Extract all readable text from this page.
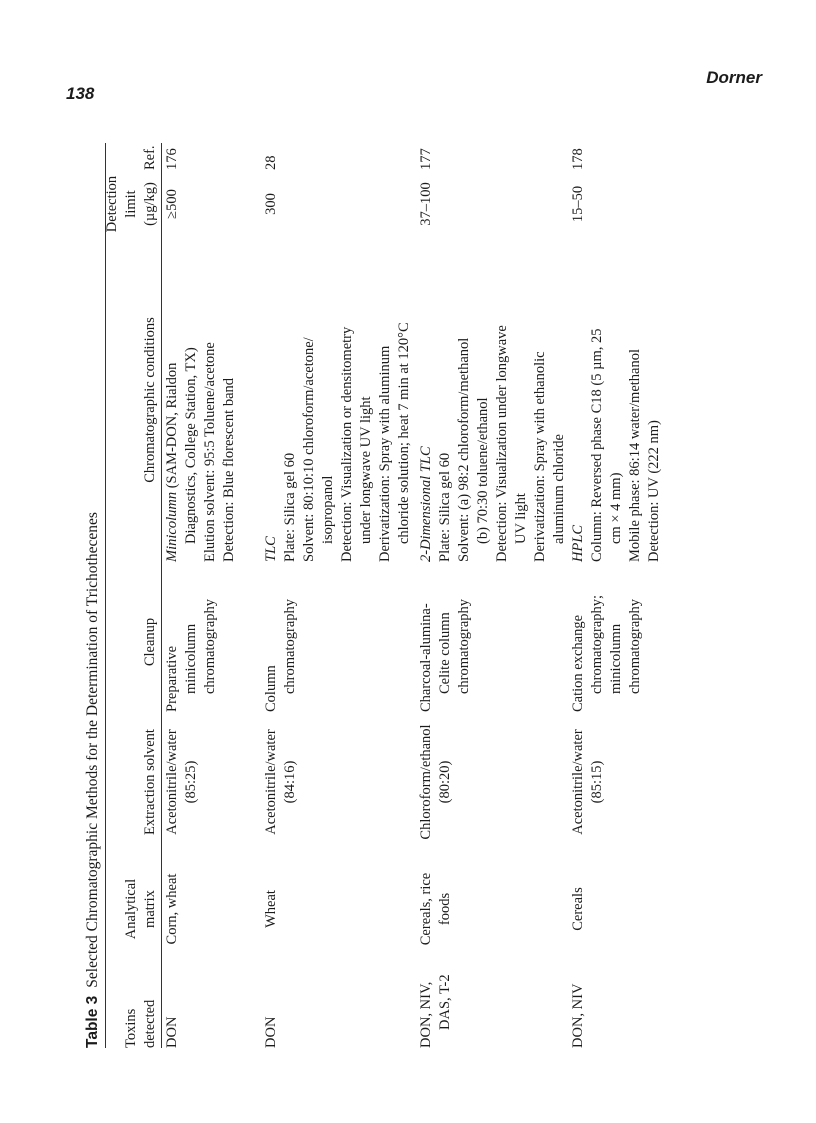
138
Dorner
Table 3Selected Chromatographic Methods for the Determination of Trichothecenes
Toxins detected
Analytical matrix
Extraction solvent
Cleanup
Chromatographic conditions
Detection limit (µg/kg)
Ref.
DON
Corn, wheat
Acetonitrile/water (85:25)
Preparative minicolumn chromatography
Minicolumn (SAM-DON, Rialdon Diagnostics, College Station, TX) Elution solvent: 95:5 Toluene/acetone Detection: Blue florescent band
≥500
176
DON
Wheat
Acetonitrile/water (84:16)
Column chromatography
TLC Plate: Silica gel 60 Solvent: 80:10:10 chloroform/acetone/ isopropanol Detection: Visualization or densitometry under longwave UV light Derivatization: Spray with aluminum chloride solution; heat 7 min at 120°C
300
28
DON, NIV, DAS, T-2
Cereals, rice foods
Chloroform/ethanol (80:20)
Charcoal-alumina- Celite column chromatography
2-Dimensional TLC Plate: Silica gel 60 Solvent: (a) 98:2 chloroform/methanol (b) 70:30 toluene/ethanol Detection: Visualization under longwave UV light Derivatization: Spray with ethanolic aluminum chloride
37–100
177
DON, NIV
Cereals
Acetonitrile/water (85:15)
Cation exchange chromatography; minicolumn chromatography
HPLC Column: Reversed phase C18 (5 µm, 25 cm × 4 mm) Mobile phase: 86:14 water/methanol Detection: UV (222 nm)
15–50
178
